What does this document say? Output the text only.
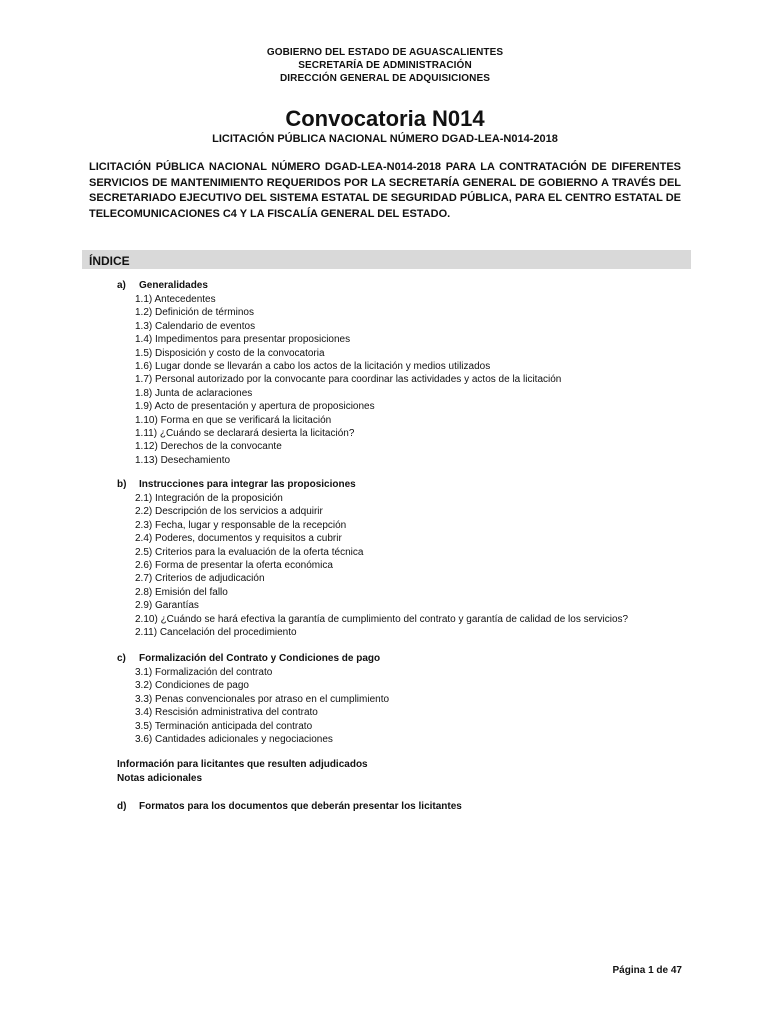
GOBIERNO DEL ESTADO DE AGUASCALIENTES
SECRETARÍA DE ADMINISTRACIÓN
DIRECCIÓN GENERAL DE ADQUISICIONES
Convocatoria N014
LICITACIÓN PÚBLICA NACIONAL NÚMERO DGAD-LEA-N014-2018
LICITACIÓN PÚBLICA NACIONAL NÚMERO DGAD-LEA-N014-2018 PARA LA CONTRATACIÓN DE DIFERENTES SERVICIOS DE MANTENIMIENTO REQUERIDOS POR LA SECRETARÍA GENERAL DE GOBIERNO A TRAVÉS DEL SECRETARIADO EJECUTIVO DEL SISTEMA ESTATAL DE SEGURIDAD PÚBLICA, PARA EL CENTRO ESTATAL DE TELECOMUNICACIONES C4 Y LA FISCALÍA GENERAL DEL ESTADO.
ÍNDICE
a) Generalidades
1.1) Antecedentes
1.2) Definición de términos
1.3) Calendario de eventos
1.4) Impedimentos para presentar proposiciones
1.5) Disposición y costo de la convocatoria
1.6) Lugar donde se llevarán a cabo los actos de la licitación y medios utilizados
1.7) Personal autorizado por la convocante para coordinar las actividades y actos de la licitación
1.8) Junta de aclaraciones
1.9) Acto de presentación y apertura de proposiciones
1.10) Forma en que se verificará la licitación
1.11) ¿Cuándo se declarará desierta la licitación?
1.12) Derechos de la convocante
1.13) Desechamiento
b) Instrucciones para integrar las proposiciones
2.1) Integración de la proposición
2.2) Descripción de los servicios a adquirir
2.3) Fecha, lugar y responsable de la recepción
2.4) Poderes, documentos y requisitos a cubrir
2.5) Criterios para la evaluación de la oferta técnica
2.6) Forma de presentar la oferta económica
2.7) Criterios de adjudicación
2.8) Emisión del fallo
2.9) Garantías
2.10) ¿Cuándo se hará efectiva la garantía de cumplimiento del contrato y garantía de calidad de los servicios?
2.11) Cancelación del procedimiento
c) Formalización del Contrato y Condiciones de pago
3.1) Formalización del contrato
3.2) Condiciones de pago
3.3) Penas convencionales por atraso en el cumplimiento
3.4) Rescisión administrativa del contrato
3.5) Terminación anticipada del contrato
3.6) Cantidades adicionales y negociaciones
Información para licitantes que resulten adjudicados
Notas adicionales
d) Formatos para los documentos que deberán presentar los licitantes
Página 1 de 47
